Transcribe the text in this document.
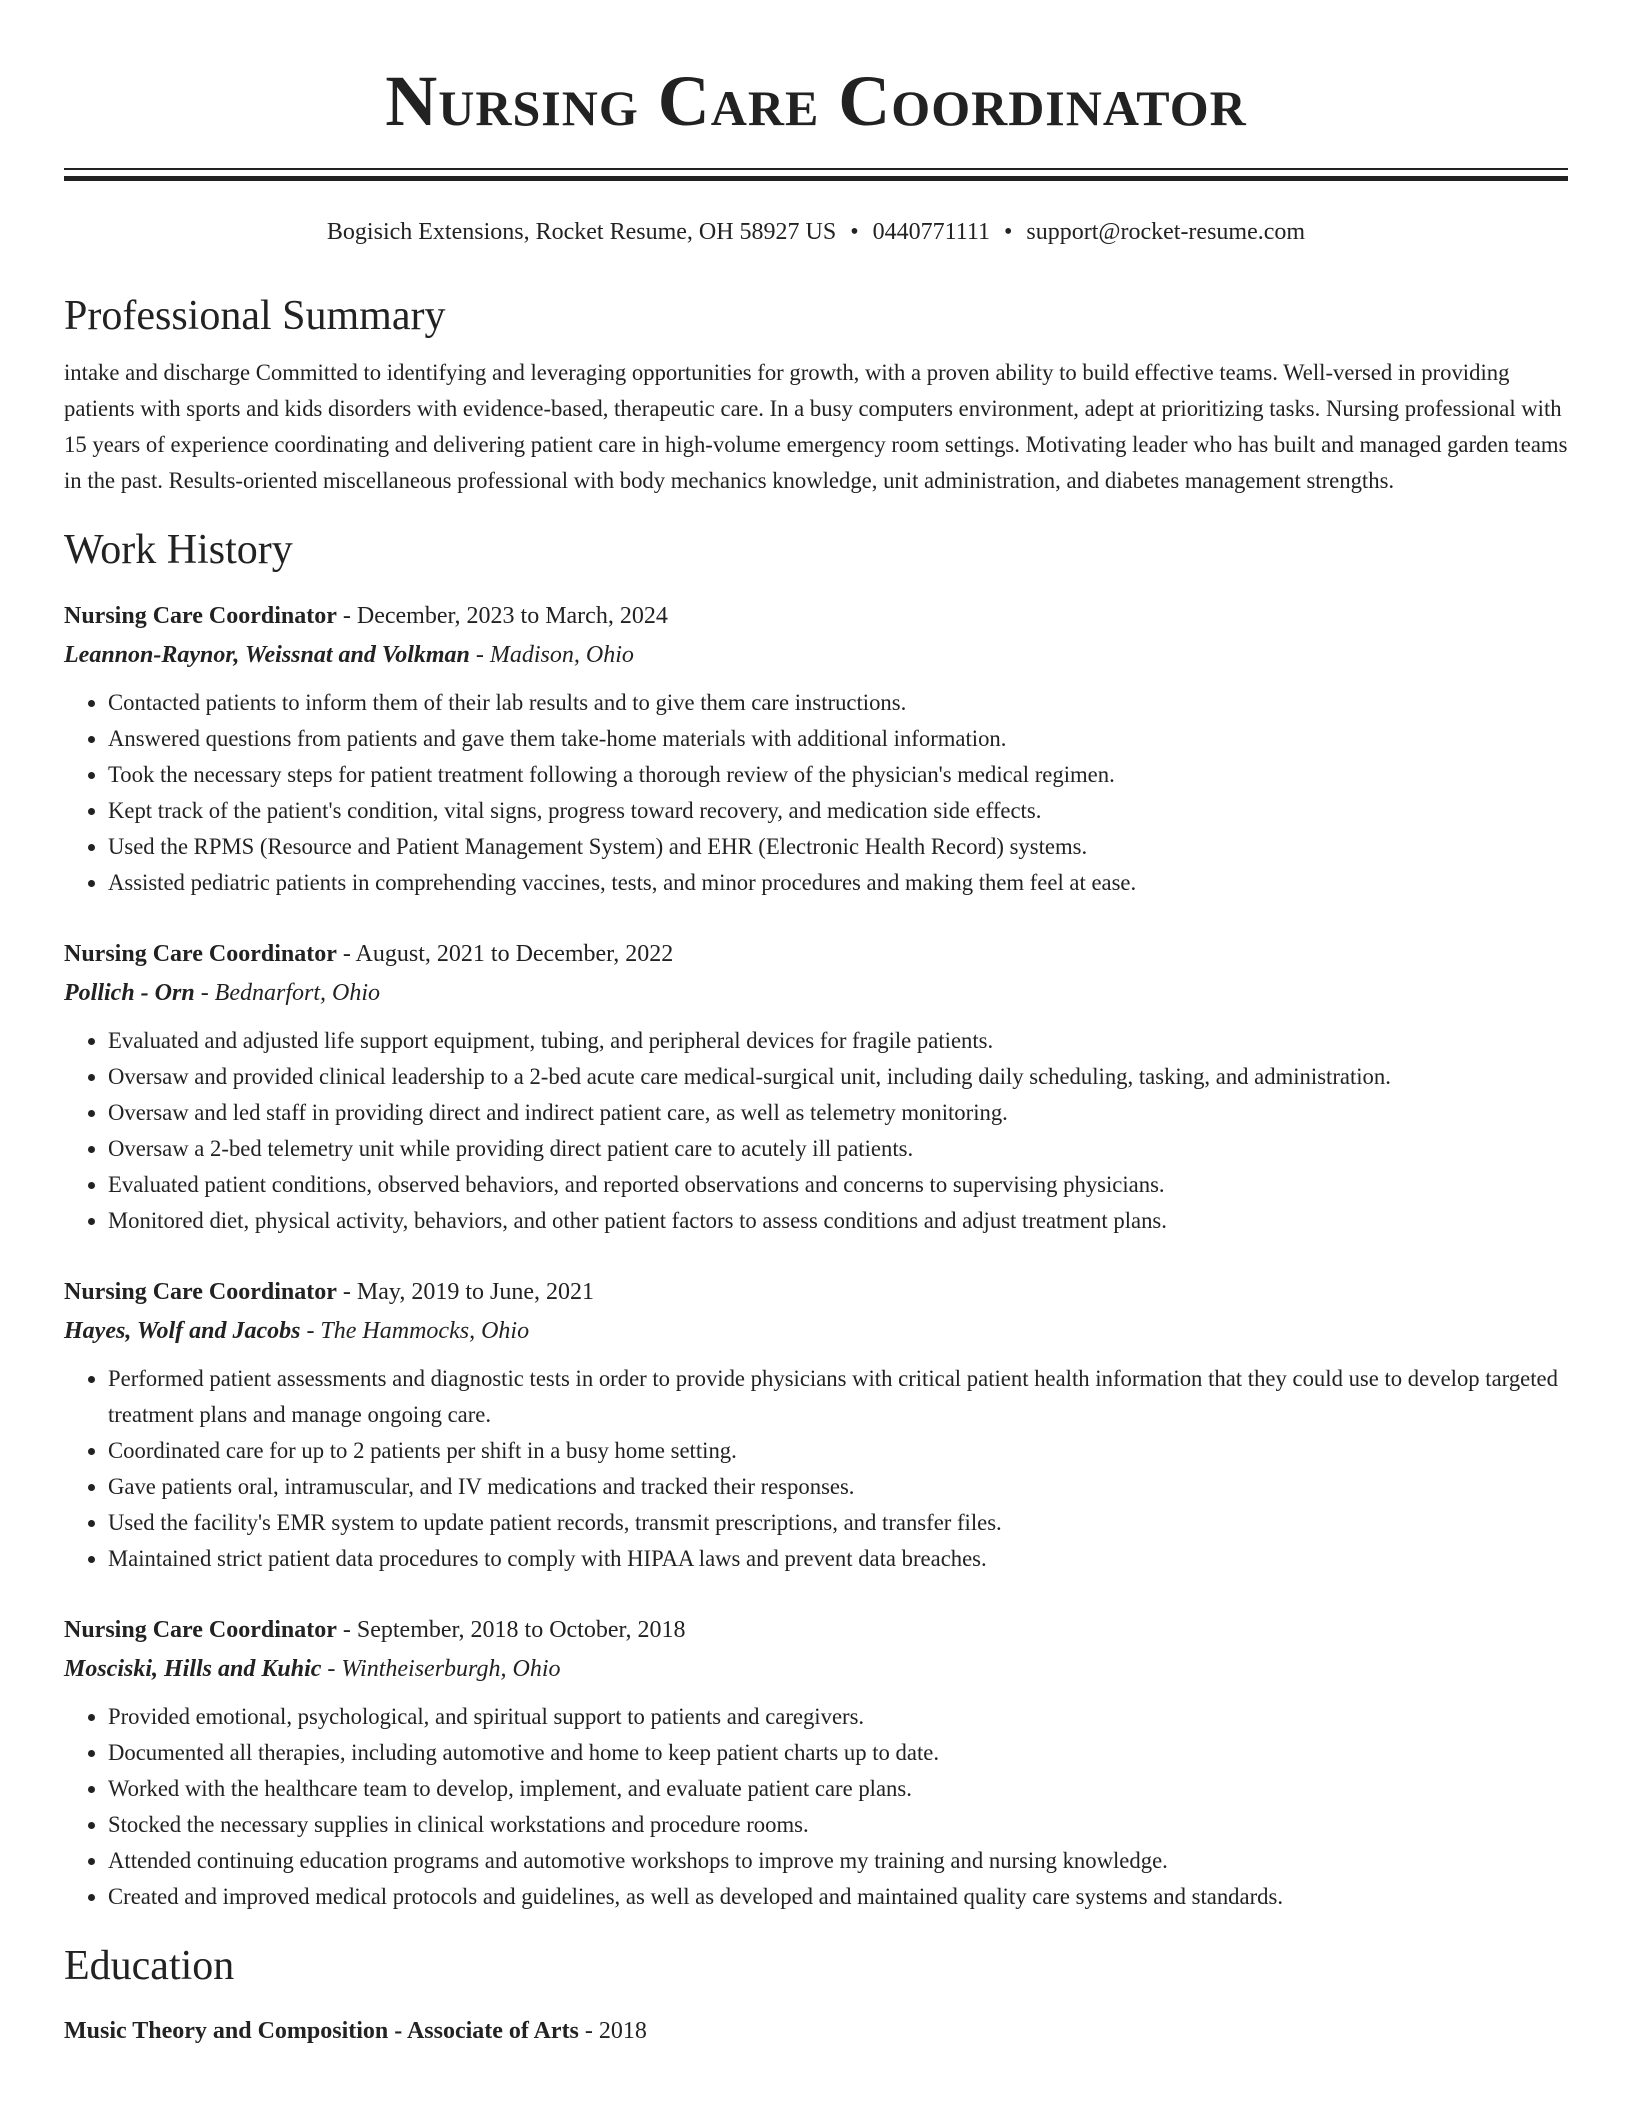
Nursing Care Coordinator
Bogisich Extensions, Rocket Resume, OH 58927 US • 0440771111 • support@rocket-resume.com
Professional Summary
intake and discharge Committed to identifying and leveraging opportunities for growth, with a proven ability to build effective teams. Well-versed in providing patients with sports and kids disorders with evidence-based, therapeutic care. In a busy computers environment, adept at prioritizing tasks. Nursing professional with 15 years of experience coordinating and delivering patient care in high-volume emergency room settings. Motivating leader who has built and managed garden teams in the past. Results-oriented miscellaneous professional with body mechanics knowledge, unit administration, and diabetes management strengths.
Work History
Nursing Care Coordinator - December, 2023 to March, 2024
Leannon-Raynor, Weissnat and Volkman - Madison, Ohio
• Contacted patients to inform them of their lab results and to give them care instructions.
• Answered questions from patients and gave them take-home materials with additional information.
• Took the necessary steps for patient treatment following a thorough review of the physician's medical regimen.
• Kept track of the patient's condition, vital signs, progress toward recovery, and medication side effects.
• Used the RPMS (Resource and Patient Management System) and EHR (Electronic Health Record) systems.
• Assisted pediatric patients in comprehending vaccines, tests, and minor procedures and making them feel at ease.
Nursing Care Coordinator - August, 2021 to December, 2022
Pollich - Orn - Bednarfort, Ohio
• Evaluated and adjusted life support equipment, tubing, and peripheral devices for fragile patients.
• Oversaw and provided clinical leadership to a 2-bed acute care medical-surgical unit, including daily scheduling, tasking, and administration.
• Oversaw and led staff in providing direct and indirect patient care, as well as telemetry monitoring.
• Oversaw a 2-bed telemetry unit while providing direct patient care to acutely ill patients.
• Evaluated patient conditions, observed behaviors, and reported observations and concerns to supervising physicians.
• Monitored diet, physical activity, behaviors, and other patient factors to assess conditions and adjust treatment plans.
Nursing Care Coordinator - May, 2019 to June, 2021
Hayes, Wolf and Jacobs - The Hammocks, Ohio
• Performed patient assessments and diagnostic tests in order to provide physicians with critical patient health information that they could use to develop targeted treatment plans and manage ongoing care.
• Coordinated care for up to 2 patients per shift in a busy home setting.
• Gave patients oral, intramuscular, and IV medications and tracked their responses.
• Used the facility's EMR system to update patient records, transmit prescriptions, and transfer files.
• Maintained strict patient data procedures to comply with HIPAA laws and prevent data breaches.
Nursing Care Coordinator - September, 2018 to October, 2018
Mosciski, Hills and Kuhic - Wintheiserburgh, Ohio
• Provided emotional, psychological, and spiritual support to patients and caregivers.
• Documented all therapies, including automotive and home to keep patient charts up to date.
• Worked with the healthcare team to develop, implement, and evaluate patient care plans.
• Stocked the necessary supplies in clinical workstations and procedure rooms.
• Attended continuing education programs and automotive workshops to improve my training and nursing knowledge.
• Created and improved medical protocols and guidelines, as well as developed and maintained quality care systems and standards.
Education
Music Theory and Composition - Associate of Arts - 2018
